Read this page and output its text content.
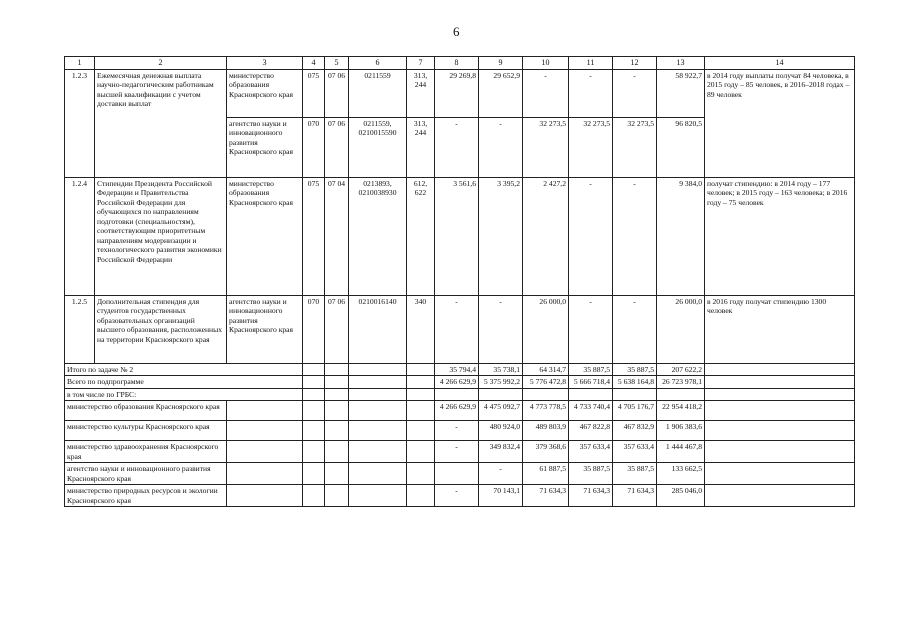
6
1	2	3	4	5	6	7	8	9	10	11	12	13	14
1.2.3	Ежемесячная денежная выплата научно-педагогическим работникам высшей квалификации с учетом доставки выплат	министерство образования Красноярского края	075	07 06	0211559	313, 244	29 269,8	29 652,9	-	-	-	58 922,7	в 2014 году выплаты получат 84 человека, в 2015 году – 85 человек, в 2016–2018 годах – 89 человек
		агентство науки и инновационного развития Красноярского края	070	07 06	0211559, 0210015590	313, 244	-	-	32 273,5	32 273,5	32 273,5	96 820,5	
1.2.4	Стипендии Президента Российской Федерации и Правительства Российской Федерации для обучающихся по направлениям подготовки (специальностям), соответствующим приоритетным направлениям модернизации и технологического развития экономики Российской Федерации	министерство образования Красноярского края	075	07 04	0213893, 0210038930	612, 622	3 561,6	3 395,2	2 427,2	-	-	9 384,0	получат стипендию: в 2014 году – 177 человек; в 2015 году – 163 человека; в 2016 году – 75 человек
1.2.5	Дополнительная стипендия для студентов государственных образовательных организаций высшего образования, расположенных на территории Красноярского края	агентство науки и инновационного развития Красноярского края	070	07 06	0210016140	340	-	-	26 000,0	-	-	26 000,0	в 2016 году получат стипендию 1300 человек
Итого по задаче № 2							35 794,4	35 738,1	64 314,7	35 887,5	35 887,5	207 622,2	
Всего по подпрограмме							4 266 629,9	5 375 992,2	5 776 472,8	5 666 718,4	5 638 164,8	26 723 978,1	
в том числе по ГРБС:													
министерство образования Красноярского края							4 266 629,9	4 475 092,7	4 773 778,5	4 733 740,4	4 705 176,7	22 954 418,2	
министерство культуры Красноярского края							-	480 924,0	489 803,9	467 822,8	467 832,9	1 906 383,6	
министерство здравоохранения Красноярского края							-	349 832,4	379 368,6	357 633,4	357 633,4	1 444 467,8	
агентство науки и инновационного развития Красноярского края								-	61 887,5	35 887,5	35 887,5	133 662,5	
министерство природных ресурсов и экологии Красноярского края							-	70 143,1	71 634,3	71 634,3	71 634,3	285 046,0	
